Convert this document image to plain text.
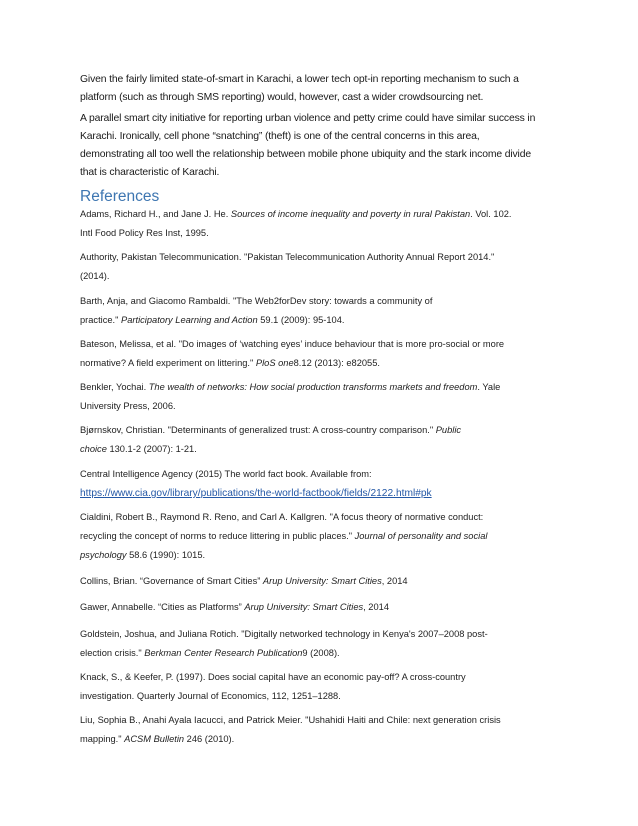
Given the fairly limited state-of-smart in Karachi, a lower tech opt-in reporting mechanism to such a
platform (such as through SMS reporting) would, however, cast a wider crowdsourcing net.

A parallel smart city initiative for reporting urban violence and petty crime could have similar success in
Karachi. Ironically, cell phone “snatching” (theft) is one of the central concerns in this area,
demonstrating all too well the relationship between mobile phone ubiquity and the stark income divide
that is characteristic of Karachi.

References

Adams, Richard H., and Jane J. He. Sources of income inequality and poverty in rural Pakistan. Vol. 102.
Intl Food Policy Res Inst, 1995.

Authority, Pakistan Telecommunication. "Pakistan Telecommunication Authority Annual Report 2014."
(2014).

Barth, Anja, and Giacomo Rambaldi. "The Web2forDev story: towards a community of
practice." Participatory Learning and Action 59.1 (2009): 95-104.

Bateson, Melissa, et al. "Do images of ‘watching eyes’ induce behaviour that is more pro-social or more
normative? A field experiment on littering." PloS one8.12 (2013): e82055.

Benkler, Yochai. The wealth of networks: How social production transforms markets and freedom. Yale
University Press, 2006.

Bjørnskov, Christian. "Determinants of generalized trust: A cross-country comparison." Public
choice 130.1-2 (2007): 1-21.

Central Intelligence Agency (2015) The world fact book. Available from:
https://www.cia.gov/library/publications/the-world-factbook/fields/2122.html#pk

Cialdini, Robert B., Raymond R. Reno, and Carl A. Kallgren. "A focus theory of normative conduct:
recycling the concept of norms to reduce littering in public places." Journal of personality and social
psychology 58.6 (1990): 1015.

Collins, Brian. “Governance of Smart Cities” Arup University: Smart Cities, 2014

Gawer, Annabelle. “Cities as Platforms” Arup University: Smart Cities, 2014

Goldstein, Joshua, and Juliana Rotich. "Digitally networked technology in Kenya's 2007–2008 post-
election crisis." Berkman Center Research Publication9 (2008).

Knack, S., & Keefer, P. (1997). Does social capital have an economic pay-off? A cross-country
investigation. Quarterly Journal of Economics, 112, 1251–1288.

Liu, Sophia B., Anahi Ayala Iacucci, and Patrick Meier. "Ushahidi Haiti and Chile: next generation crisis
mapping." ACSM Bulletin 246 (2010).
